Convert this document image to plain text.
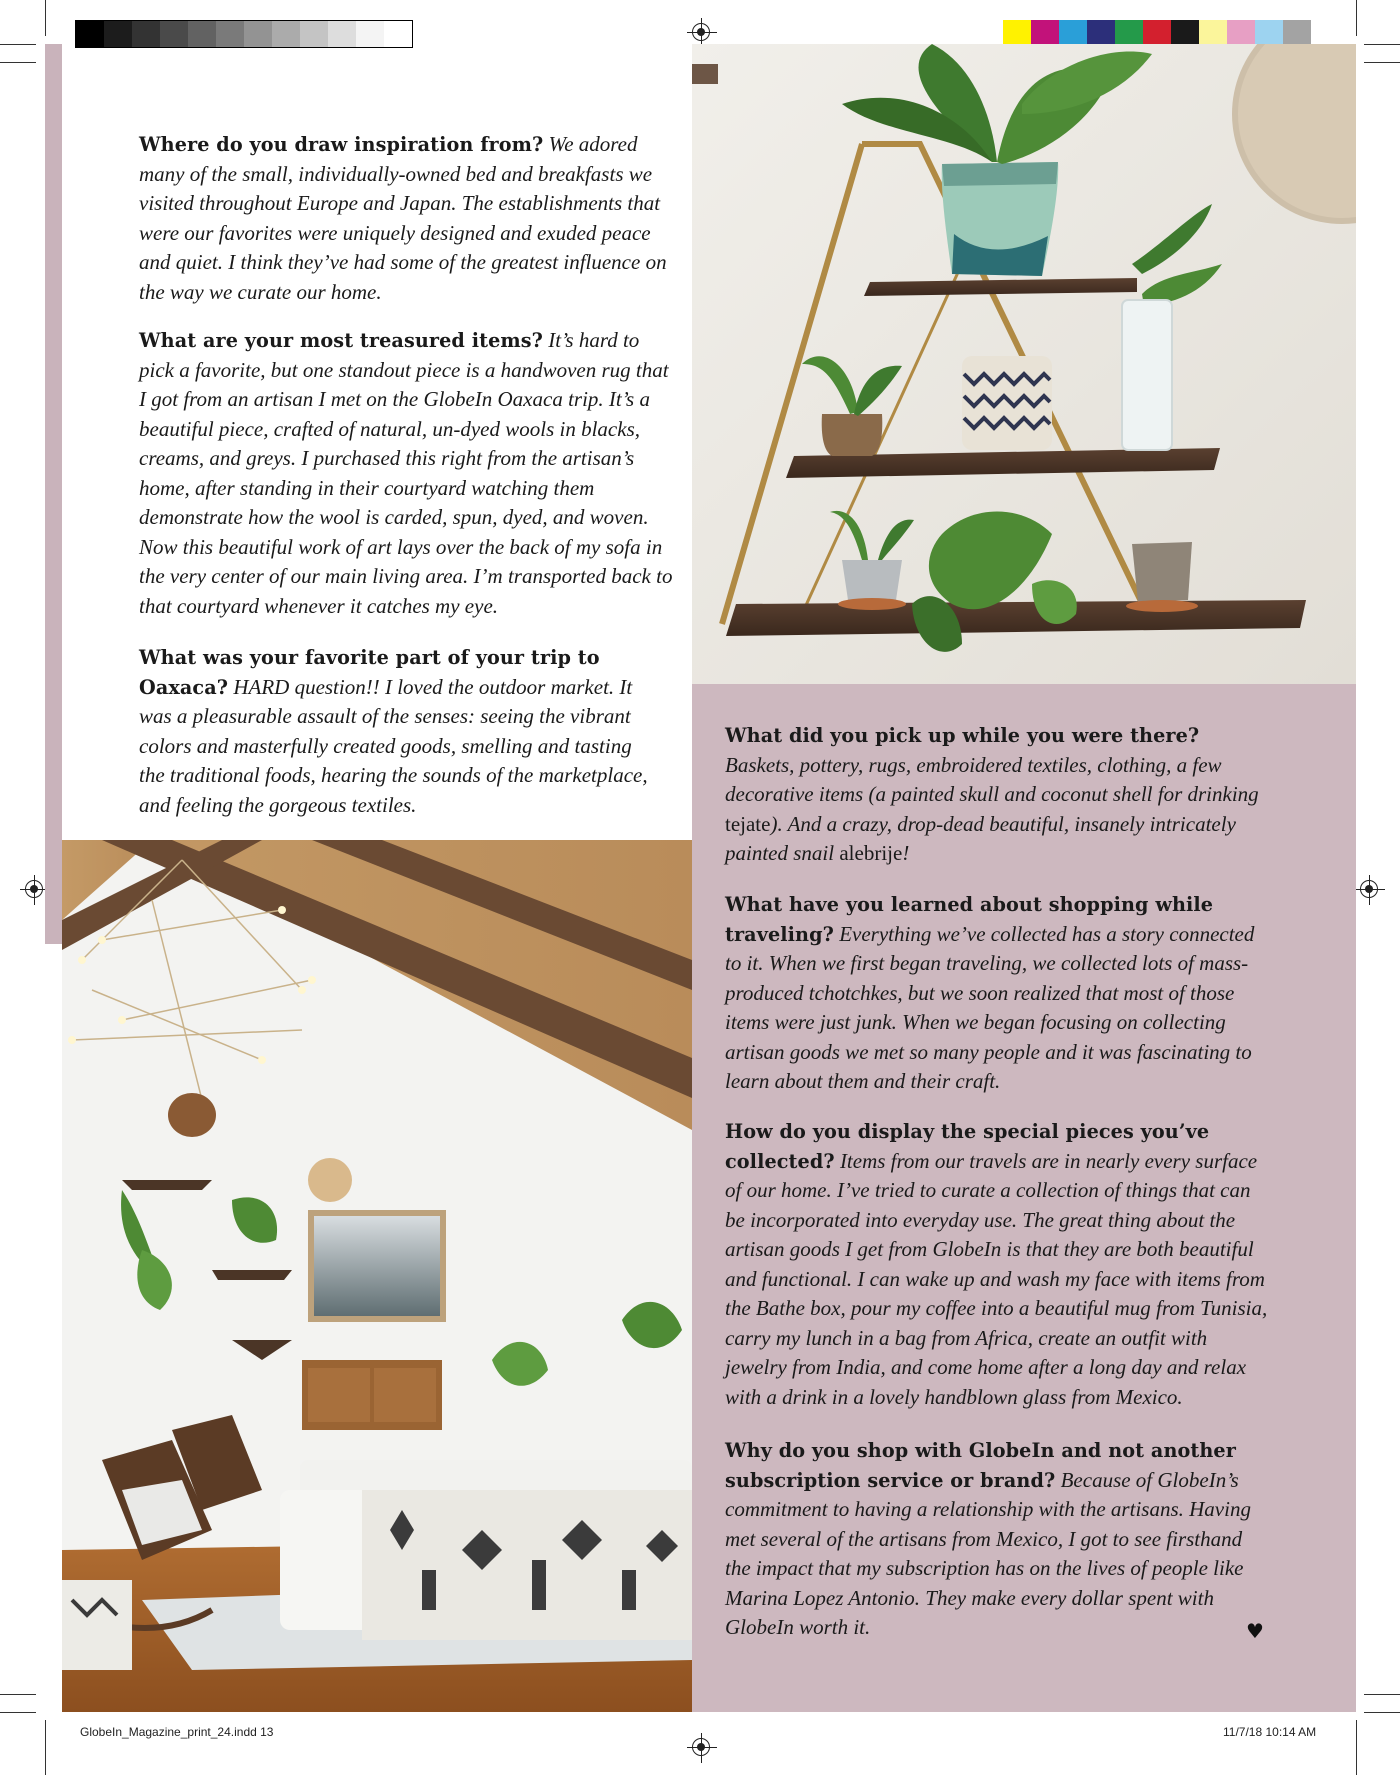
Where do you draw inspiration from? We adored many of the small, individually-owned bed and breakfasts we visited throughout Europe and Japan. The establishments that were our favorites were uniquely designed and exuded peace and quiet. I think they’ve had some of the greatest influence on the way we curate our home.
What are your most treasured items? It’s hard to pick a favorite, but one standout piece is a handwoven rug that I got from an artisan I met on the GlobeIn Oaxaca trip. It’s a beautiful piece, crafted of natural, un-dyed wools in blacks, creams, and greys. I purchased this right from the artisan’s home, after standing in their courtyard watching them demonstrate how the wool is carded, spun, dyed, and woven. Now this beautiful work of art lays over the back of my sofa in the very center of our main living area. I’m transported back to that courtyard whenever it catches my eye.
What was your favorite part of your trip to Oaxaca? HARD question!! I loved the outdoor market. It was a pleasurable assault of the senses: seeing the vibrant colors and masterfully created goods, smelling and tasting the traditional foods, hearing the sounds of the marketplace, and feeling the gorgeous textiles.
What did you pick up while you were there? Baskets, pottery, rugs, embroidered textiles, clothing, a few decorative items (a painted skull and coconut shell for drinking tejate). And a crazy, drop-dead beautiful, insanely intricately painted snail alebrije!
What have you learned about shopping while traveling? Everything we’ve collected has a story connected to it. When we first began traveling, we collected lots of mass-produced tchotchkes, but we soon realized that most of those items were just junk. When we began focusing on collecting artisan goods we met so many people and it was fascinating to learn about them and their craft.
How do you display the special pieces you’ve collected? Items from our travels are in nearly every surface of our home. I’ve tried to curate a collection of things that can be incorporated into everyday use. The great thing about the artisan goods I get from GlobeIn is that they are both beautiful and functional. I can wake up and wash my face with items from the Bathe box, pour my coffee into a beautiful mug from Tunisia, carry my lunch in a bag from Africa, create an outfit with jewelry from India, and come home after a long day and relax with a drink in a lovely handblown glass from Mexico.
Why do you shop with GlobeIn and not another subscription service or brand? Because of GlobeIn’s commitment to having a relationship with the artisans. Having met several of the artisans from Mexico, I got to see firsthand the impact that my subscription has on the lives of people like Marina Lopez Antonio. They make every dollar spent with GlobeIn worth it.	♥
GlobeIn_Magazine_print_24.indd 13	11/7/18 10:14 AM
